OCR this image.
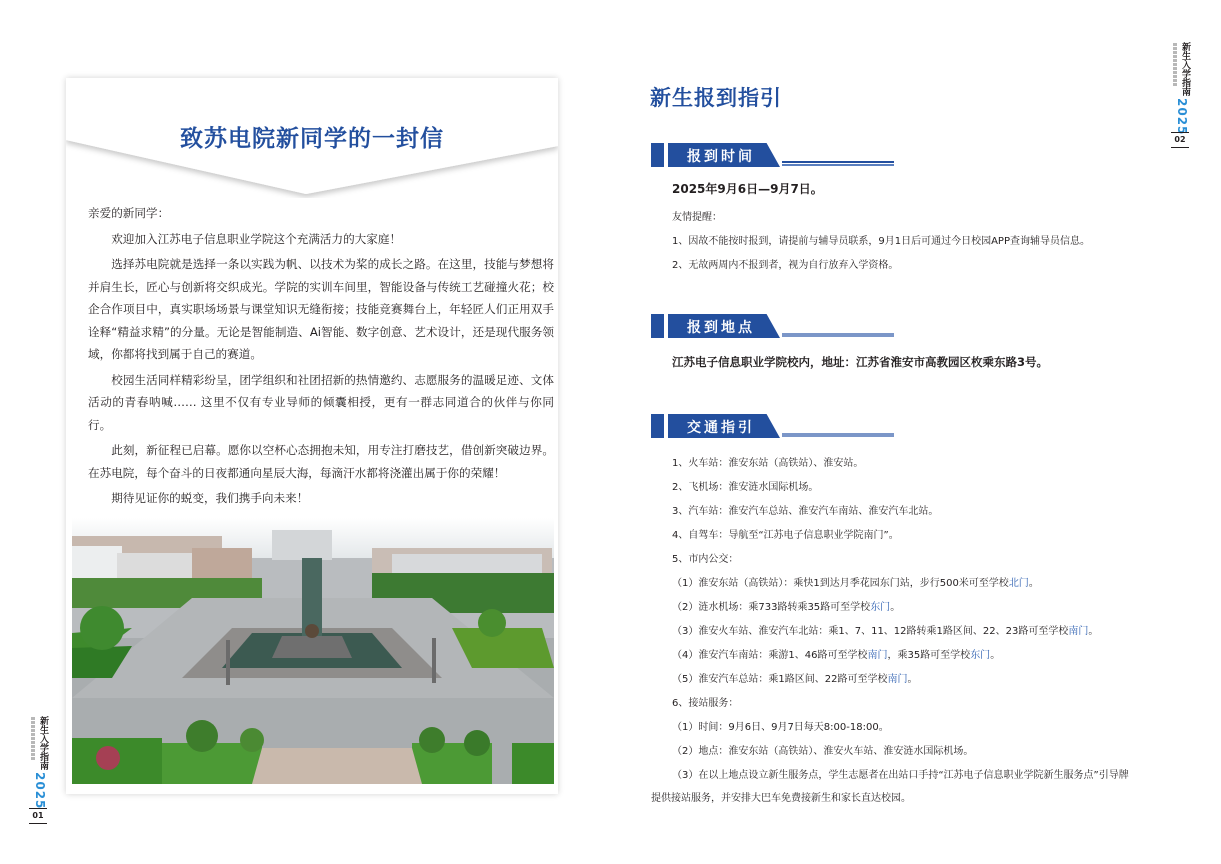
致苏电院新同学的一封信

亲爱的新同学：

欢迎加入江苏电子信息职业学院这个充满活力的大家庭！

选择苏电院就是选择一条以实践为帆、以技术为桨的成长之路。在这里，技能与梦想将并肩生长，匠心与创新将交织成光。学院的实训车间里，智能设备与传统工艺碰撞火花；校企合作项目中，真实职场场景与课堂知识无缝衔接；技能竞赛舞台上，年轻匠人们正用双手诠释“精益求精”的分量。无论是智能制造、Ai智能、数字创意、艺术设计，还是现代服务领域，你都将找到属于自己的赛道。

校园生活同样精彩纷呈，团学组织和社团招新的热情邀约、志愿服务的温暖足迹、文体活动的青春呐喊…… 这里不仅有专业导师的倾囊相授，更有一群志同道合的伙伴与你同行。

此刻，新征程已启幕。愿你以空杯心态拥抱未知，用专注打磨技艺，借创新突破边界。在苏电院，每个奋斗的日夜都通向星辰大海，每滴汗水都将浇灌出属于你的荣耀！

期待见证你的蜕变，我们携手向未来！

新生入学指南
2025
01
新生入学指南
2025
02
新生报到指引
报到时间
2025年9月6日—9月7日。
友情提醒：
1、因故不能按时报到，请提前与辅导员联系，9月1日后可通过今日校园APP查询辅导员信息。
2、无故两周内不报到者，视为自行放弃入学资格。
报到地点
江苏电子信息职业学院校内，地址：江苏省淮安市高教园区枚乘东路3号。
交通指引
1、火车站：淮安东站（高铁站）、淮安站。
2、飞机场：淮安涟水国际机场。
3、汽车站：淮安汽车总站、淮安汽车南站、淮安汽车北站。
4、自驾车：导航至“江苏电子信息职业学院南门”。
5、市内公交：
（1）淮安东站（高铁站）：乘快1到达月季花园东门站，步行500米可至学校北门。
（2）涟水机场：乘733路转乘35路可至学校东门。
（3）淮安火车站、淮安汽车北站：乘1、7、11、12路转乘1路区间、22、23路可至学校南门。
（4）淮安汽车南站：乘游1、46路可至学校南门，乘35路可至学校东门。
（5）淮安汽车总站：乘1路区间、22路可至学校南门。
6、接站服务：
（1）时间：9月6日、9月7日每天8:00-18:00。
（2）地点：淮安东站（高铁站）、淮安火车站、淮安涟水国际机场。
（3）在以上地点设立新生服务点，学生志愿者在出站口手持“江苏电子信息职业学院新生服务点”引导牌
提供接站服务，并安排大巴车免费接新生和家长直达校园。
